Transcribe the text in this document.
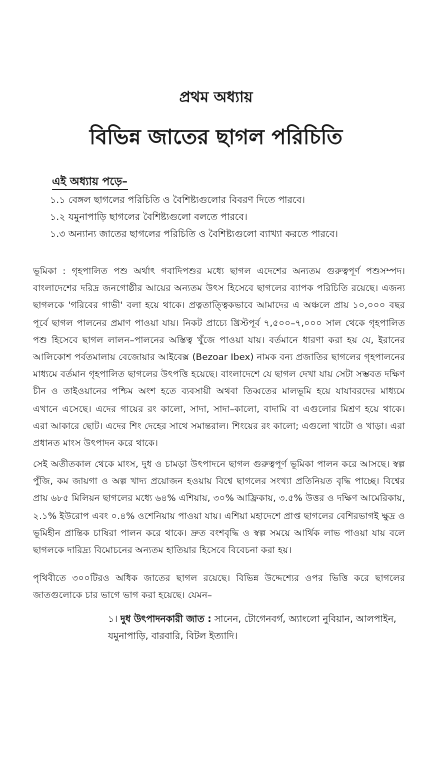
প্রথম অধ্যায়
বিভিন্ন জাতের ছাগল পরিচিতি
এই অধ্যায় পড়ে–
১.১ বেঙ্গল ছাগলের পরিচিতি ও বৈশিষ্ট্যগুলোর বিবরণ দিতে পারবে।
১.২ যমুনাপাড়ি ছাগলের বৈশিষ্ট্যগুলো বলতে পারবে।
১.৩ অন্যান্য জাতের ছাগলের পরিচিতি ও বৈশিষ্ট্যগুলো ব্যাখ্যা করতে পারবে।

ভূমিকা : গৃহপালিত পশু অর্থাৎ গবাদিপশুর মধ্যে ছাগল এদেশের অন্যতম গুরুত্বপূর্ণ পশুসম্পদ। বাংলাদেশের দরিদ্র জনগোষ্ঠীর আয়ের অন্যতম উৎস হিসেবে ছাগলের ব্যাপক পরিচিতি রয়েছে। এজন্য ছাগলকে 'গরিবের গাভী' বলা হয়ে থাকে। প্রত্নতাত্ত্বিকভাবে আমাদের এ অঞ্চলে প্রায় ১০,০০০ বছর পূর্বে ছাগল পালনের প্রমাণ পাওয়া যায়। নিকট প্রাচ্যে খ্রিস্টপূর্ব ৭,৫০০–৭,০০০ সাল থেকে গৃহপালিত পশু হিসেবে ছাগল লালন–পালনের অস্তিত্ব খুঁজে পাওয়া যায়। বর্তমানে ধারণা করা হয় যে, ইরানের আলিকোশ পর্বতমালায় বেজোয়ার আইবেক্স (Bezoar Ibex) নামক বন্য প্রজাতির ছাগলের গৃহপালনের মাধ্যমে বর্তমান গৃহপালিত ছাগলের উৎপত্তি হয়েছে। বাংলাদেশে যে ছাগল দেখা যায় সেটা সম্ভবত দক্ষিণ চীন ও তাইওয়ানের পশ্চিম অংশ হতে ব্যবসায়ী অথবা তিব্বতের মালভূমি হয়ে যাযাবরদের মাধ্যমে এখানে এসেছে। এদের গায়ের রং কালো, সাদা, সাদা–কালো, বাদামি বা এগুলোর মিশ্রণ হয়ে থাকে। এরা আকারে ছোট। এদের শিং দেহের সাথে সমান্তরাল। শিংয়ের রং কালো; এগুলো খাটো ও খাড়া। এরা প্রধানত মাংস উৎপাদন করে থাকে।

সেই অতীতকাল থেকে মাংস, দুধ ও চামড়া উৎপাদনে ছাগল গুরুত্বপূর্ণ ভূমিকা পালন করে আসছে। স্বল্প পুঁজি, কম জায়গা ও অল্প খাদ্য প্রয়োজন হওয়ায় বিশ্বে ছাগলের সংখ্যা প্রতিনিয়ত বৃদ্ধি পাচ্ছে। বিশ্বের প্রায় ৬৮৫ মিলিয়ন ছাগলের মধ্যে ৬৪% এশিয়ায়, ৩০% আফ্রিকায়, ৩.৫% উত্তর ও দক্ষিণ আমেরিকায়, ২.১% ইউরোপ এবং ০.৪% ওশেনিয়ায় পাওয়া যায়। এশিয়া মহাদেশে প্রাপ্ত ছাগলের বেশিরভাগই ক্ষুদ্র ও ভূমিহীন প্রান্তিক চাষিরা পালন করে থাকে। দ্রুত বংশবৃদ্ধি ও স্বল্প সময়ে আর্থিক লাভ পাওয়া যায় বলে ছাগলকে দারিদ্র্য বিমোচনের অন্যতম হাতিয়ার হিসেবে বিবেচনা করা হয়।

পৃথিবীতে ৩০০টিরও অধিক জাতের ছাগল রয়েছে। বিভিন্ন উদ্দেশ্যের ওপর ভিত্তি করে ছাগলের জাতগুলোকে চার ভাগে ভাগ করা হয়েছে। যেমন–

১। দুধ উৎপাদনকারী জাত : সানেন, টোগেনবর্গ, অ্যাংলো নুবিয়ান, আলপাইন, যমুনাপাড়ি, বারবারি, বিটল ইত্যাদি।
